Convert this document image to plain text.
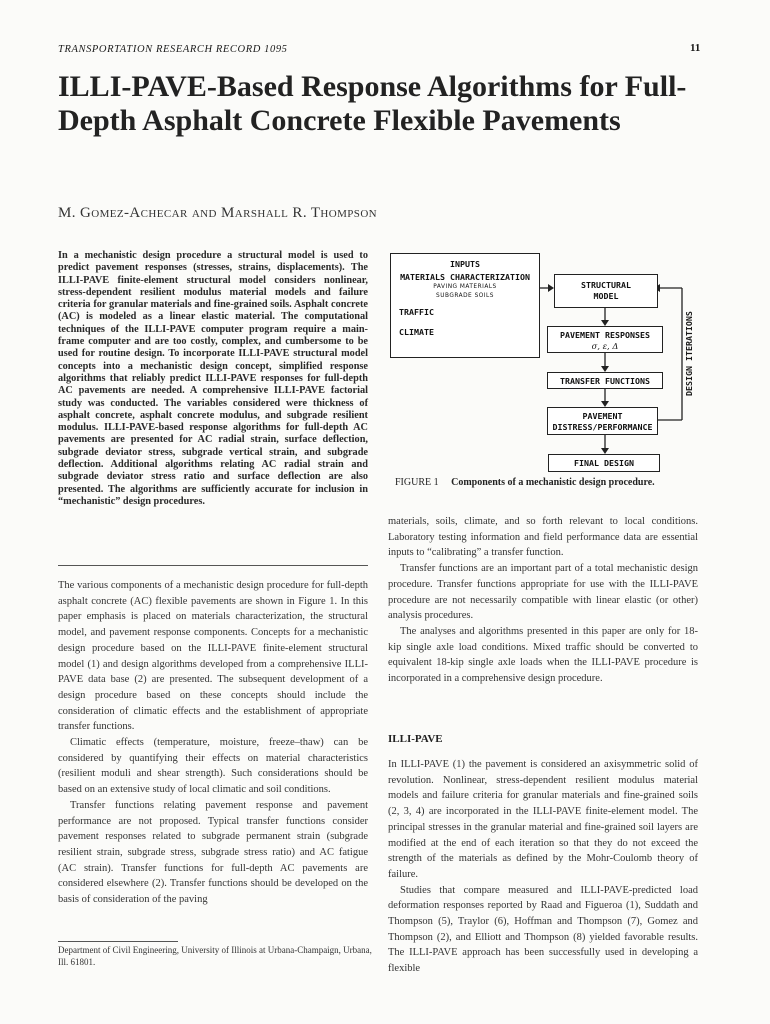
TRANSPORTATION RESEARCH RECORD 1095	11
ILLI-PAVE-Based Response Algorithms for Full-Depth Asphalt Concrete Flexible Pavements
M. Gomez-Achecar and Marshall R. Thompson

In a mechanistic design procedure a structural model is used to predict pavement responses (stresses, strains, displacements). The ILLI-PAVE finite-element structural model considers nonlinear, stress-dependent resilient modulus material models and failure criteria for granular materials and fine-grained soils. Asphalt concrete (AC) is modeled as a linear elastic material. The computational techniques of the ILLI-PAVE computer program require a main-frame computer and are too costly, complex, and cumbersome to be used for routine design. To incorporate ILLI-PAVE structural model concepts into a mechanistic design concept, simplified response algorithms that reliably predict ILLI-PAVE responses for full-depth AC pavements are needed. A comprehensive ILLI-PAVE factorial study was conducted. The variables considered were thickness of asphalt concrete, asphalt concrete modulus, and subgrade resilient modulus. ILLI-PAVE-based response algorithms for full-depth AC pavements are presented for AC radial strain, surface deflection, subgrade deviator stress, subgrade vertical strain, and subgrade deflection. Additional algorithms relating AC radial strain and subgrade deviator stress ratio and surface deflection are also presented. The algorithms are sufficiently accurate for inclusion in “mechanistic” design procedures.

The various components of a mechanistic design procedure for full-depth asphalt concrete (AC) flexible pavements are shown in Figure 1. In this paper emphasis is placed on materials characterization, the structural model, and pavement response components. Concepts for a mechanistic design procedure based on the ILLI-PAVE finite-element structural model (1) and design algorithms developed from a comprehensive ILLI-PAVE data base (2) are presented. The subsequent development of a design procedure based on these concepts should include the consideration of climatic effects and the establishment of appropriate transfer functions.

Climatic effects (temperature, moisture, freeze–thaw) can be considered by quantifying their effects on material characteristics (resilient moduli and shear strength). Such considerations should be based on an extensive study of local climatic and soil conditions.

Transfer functions relating pavement response and pavement performance are not proposed. Typical transfer functions consider pavement responses related to subgrade permanent strain (subgrade resilient strain, subgrade stress, subgrade stress ratio) and AC fatigue (AC strain). Transfer functions for full-depth AC pavements are considered elsewhere (2). Transfer functions should be developed on the basis of consideration of the paving

Department of Civil Engineering, University of Illinois at Urbana-Champaign, Urbana, Ill. 61801.
INPUTS
MATERIALS CHARACTERIZATION
PAVING MATERIALS
SUBGRADE SOILS
TRAFFIC
CLIMATE
STRUCTURAL
MODEL
PAVEMENT RESPONSES
σ, ε, Δ
TRANSFER FUNCTIONS
PAVEMENT
DISTRESS/PERFORMANCE
FINAL DESIGN
DESIGN ITERATIONS
FIGURE 1 Components of a mechanistic design procedure.

materials, soils, climate, and so forth relevant to local conditions. Laboratory testing information and field performance data are essential inputs to “calibrating” a transfer function.

Transfer functions are an important part of a total mechanistic design procedure. Transfer functions appropriate for use with the ILLI-PAVE procedure are not necessarily compatible with linear elastic (or other) analysis procedures.

The analyses and algorithms presented in this paper are only for 18-kip single axle load conditions. Mixed traffic should be converted to equivalent 18-kip single axle loads when the ILLI-PAVE procedure is incorporated in a comprehensive design procedure.

ILLI-PAVE

In ILLI-PAVE (1) the pavement is considered an axisymmetric solid of revolution. Nonlinear, stress-dependent resilient modulus material models and failure criteria for granular materials and fine-grained soils (2, 3, 4) are incorporated in the ILLI-PAVE finite-element model. The principal stresses in the granular material and fine-grained soil layers are modified at the end of each iteration so that they do not exceed the strength of the materials as defined by the Mohr-Coulomb theory of failure.

Studies that compare measured and ILLI-PAVE-predicted load deformation responses reported by Raad and Figueroa (1), Suddath and Thompson (5), Traylor (6), Hoffman and Thompson (7), Gomez and Thompson (2), and Elliott and Thompson (8) yielded favorable results. The ILLI-PAVE approach has been successfully used in developing a flexible
